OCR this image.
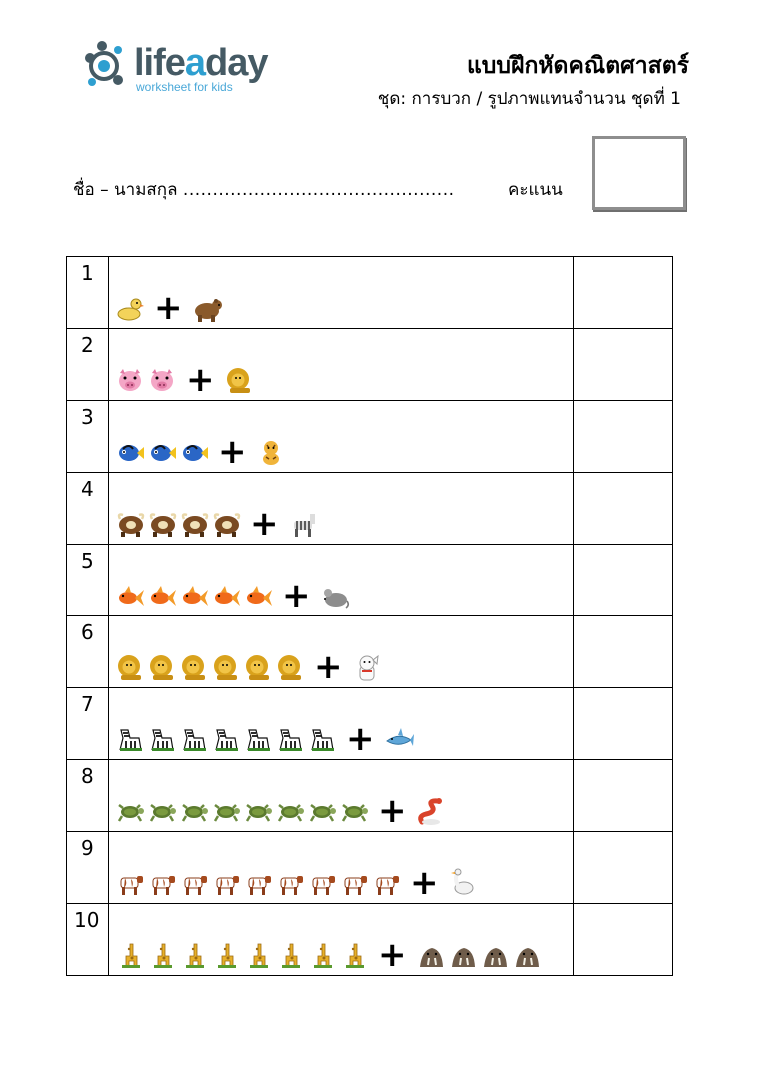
lifeaday
worksheet for kids
แบบฝึกหัดคณิตศาสตร์
ชุด: การบวก / รูปภาพแทนจำนวน ชุดที่ 1
ชื่อ – นามสกุล ..............................................	คะแนน
1	+	

2	+	

3	+	

4	+	

5	+	

6	+	

7	+	

8	+	

9	+	

10	+	
